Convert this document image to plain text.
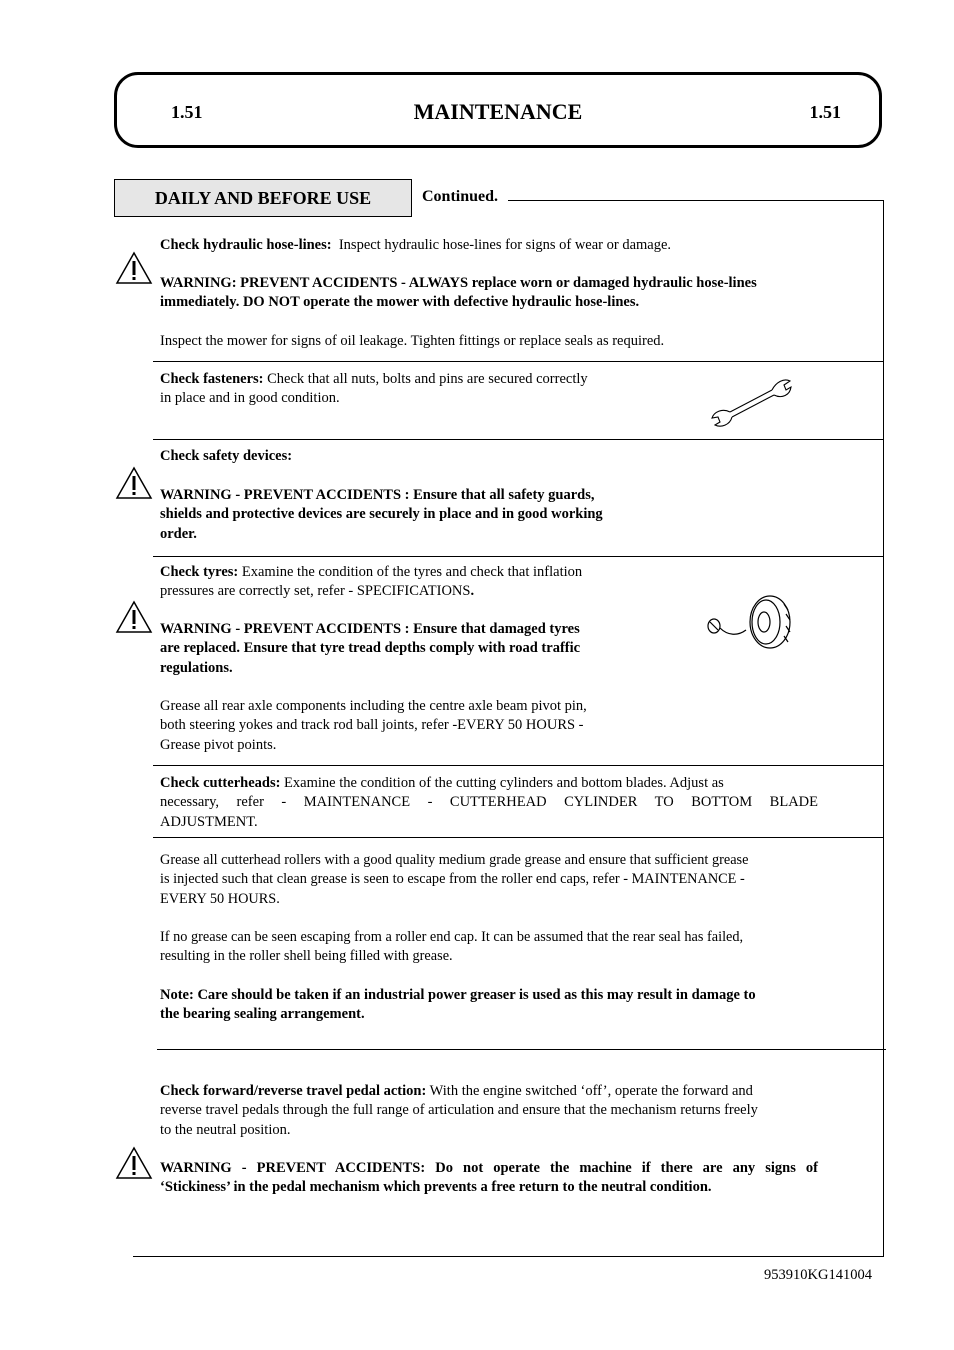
1.51	MAINTENANCE	1.51
DAILY AND BEFORE USE	Continued.

Check hydraulic hose-lines: Inspect hydraulic hose-lines for signs of wear or damage.

WARNING: PREVENT ACCIDENTS - ALWAYS replace worn or damaged hydraulic hose-lines
immediately. DO NOT operate the mower with defective hydraulic hose-lines.

Inspect the mower for signs of oil leakage. Tighten fittings or replace seals as required.

Check fasteners: Check that all nuts, bolts and pins are secured correctly
in place and in good condition.

Check safety devices:

WARNING - PREVENT ACCIDENTS : Ensure that all safety guards,
shields and protective devices are securely in place and in good working
order.

Check tyres: Examine the condition of the tyres and check that inflation
pressures are correctly set, refer - SPECIFICATIONS.

WARNING - PREVENT ACCIDENTS : Ensure that damaged tyres
are replaced. Ensure that tyre tread depths comply with road traffic
regulations.

Grease all rear axle components including the centre axle beam pivot pin,
both steering yokes and track rod ball joints, refer -EVERY 50 HOURS -
Grease pivot points.

Check cutterheads: Examine the condition of the cutting cylinders and bottom blades. Adjust as
necessary, refer - MAINTENANCE - CUTTERHEAD CYLINDER TO BOTTOM BLADE
ADJUSTMENT.

Grease all cutterhead rollers with a good quality medium grade grease and ensure that sufficient grease
is injected such that clean grease is seen to escape from the roller end caps, refer - MAINTENANCE -
EVERY 50 HOURS.

If no grease can be seen escaping from a roller end cap. It can be assumed that the rear seal has failed,
resulting in the roller shell being filled with grease.

Note: Care should be taken if an industrial power greaser is used as this may result in damage to
the bearing sealing arrangement.

Check forward/reverse travel pedal action: With the engine switched ‘off’, operate the forward and
reverse travel pedals through the full range of articulation and ensure that the mechanism returns freely
to the neutral position.

WARNING - PREVENT ACCIDENTS: Do not operate the machine if there are any signs of
‘Stickiness’ in the pedal mechanism which prevents a free return to the neutral condition.

953910KG141004
